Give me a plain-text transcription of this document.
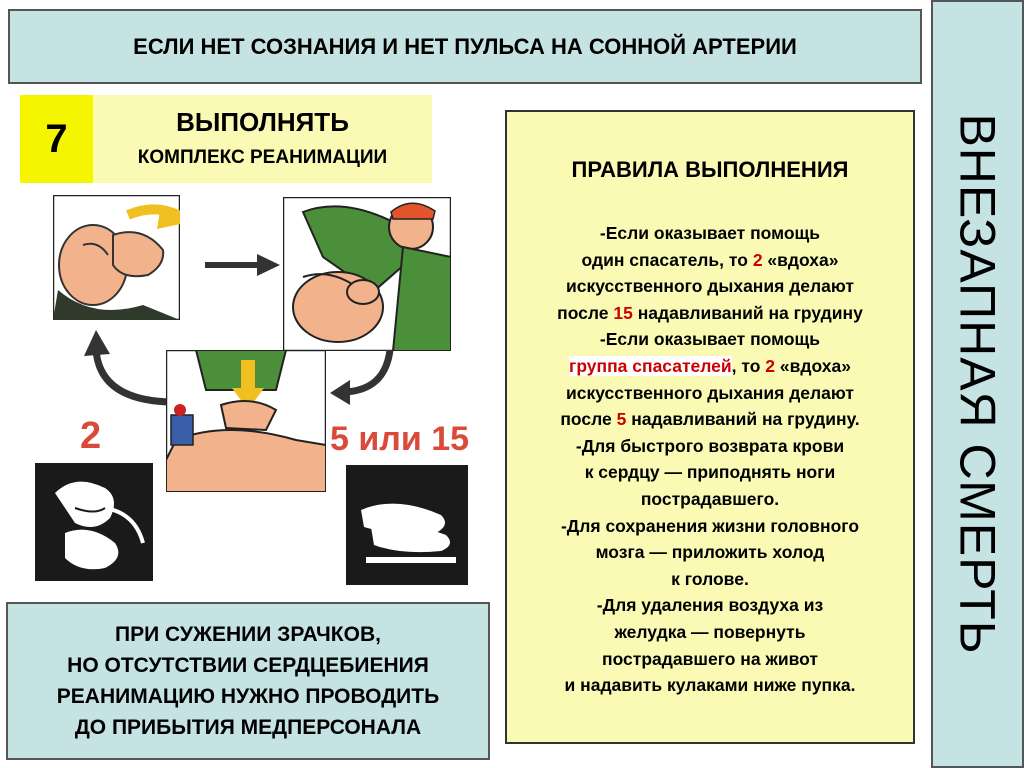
ЕСЛИ НЕТ СОЗНАНИЯ И НЕТ ПУЛЬСА НА СОННОЙ АРТЕРИИ
ВНЕЗАПНАЯ СМЕРТЬ
7	ВЫПОЛНЯТЬ
КОМПЛЕКС РЕАНИМАЦИИ
2	5 или 15
ПРИ СУЖЕНИИ ЗРАЧКОВ,
НО ОТСУТСТВИИ СЕРДЦЕБИЕНИЯ
РЕАНИМАЦИЮ НУЖНО ПРОВОДИТЬ
ДО ПРИБЫТИЯ МЕДПЕРСОНАЛА
ПРАВИЛА ВЫПОЛНЕНИЯ
-Если оказывает помощь
один спасатель, то 2 «вдоха»
искусственного дыхания делают
после 15 надавливаний на грудину
-Если оказывает помощь
группа спасателей, то 2 «вдоха»
искусственного дыхания делают
после 5 надавливаний на грудину.
-Для быстрого возврата крови
к сердцу — приподнять ноги
пострадавшего.
-Для сохранения жизни головного
мозга — приложить холод
к голове.
-Для удаления воздуха из
желудка — повернуть
пострадавшего на живот
и надавить кулаками ниже пупка.
